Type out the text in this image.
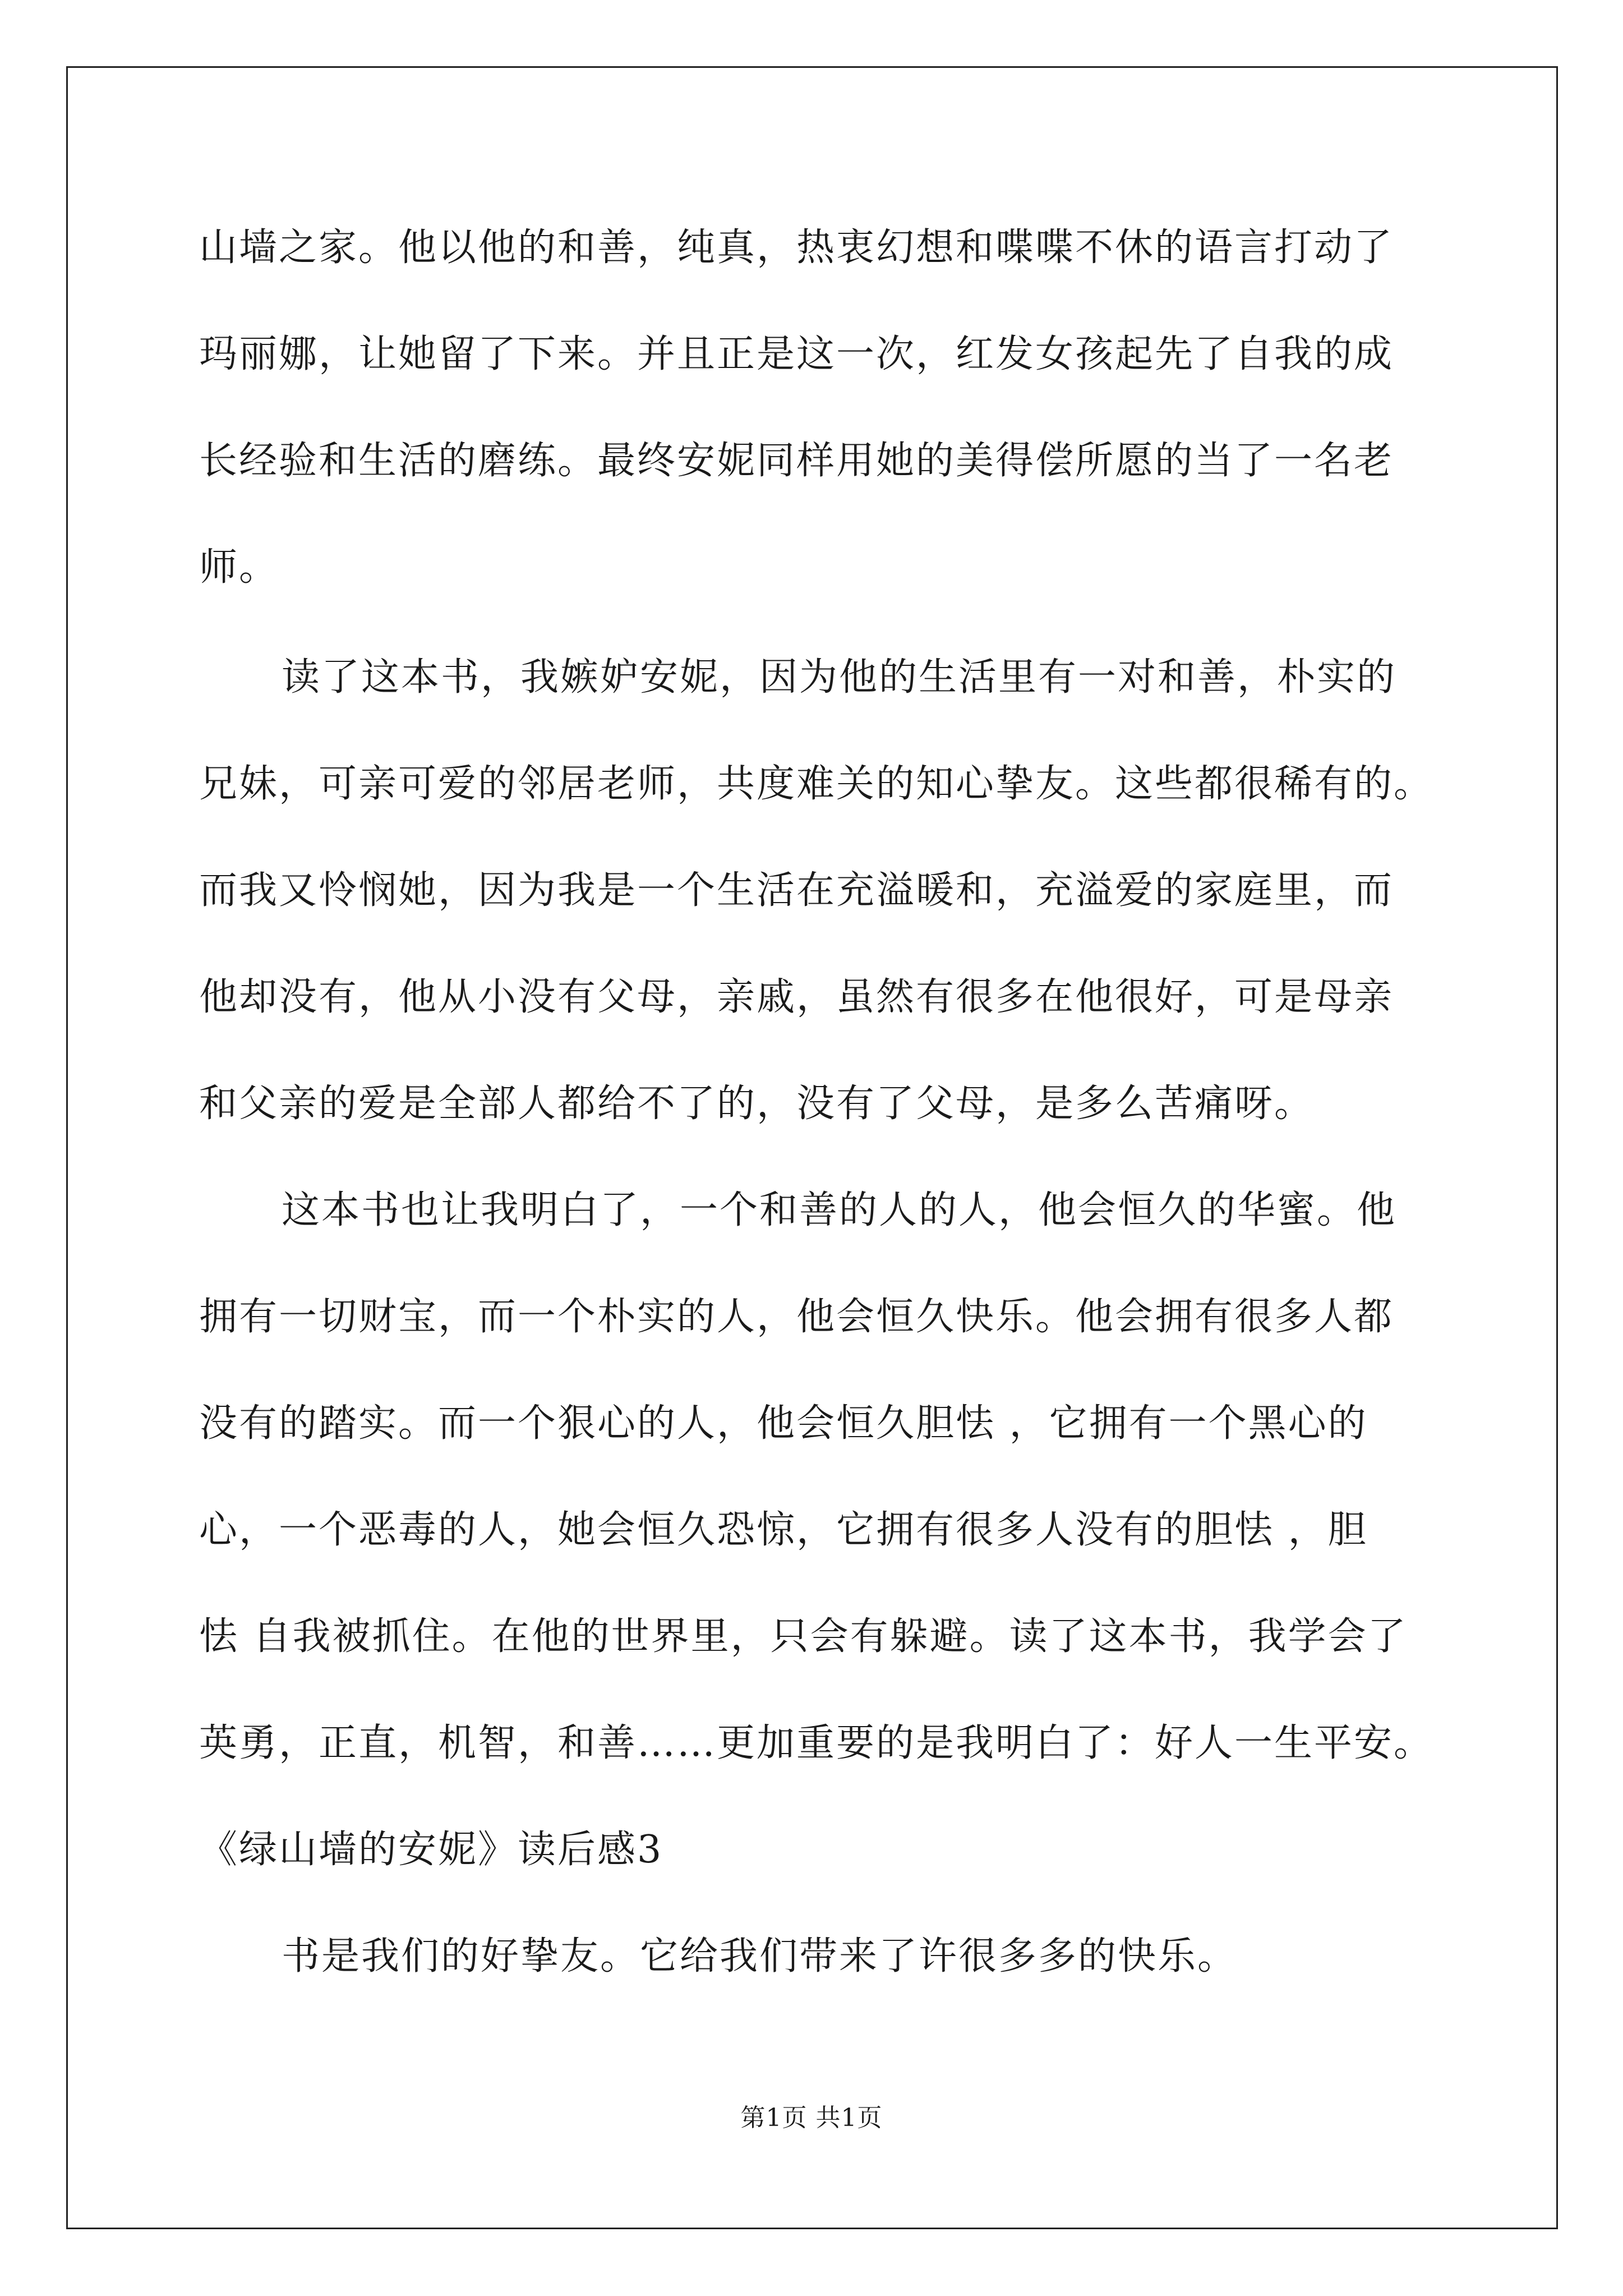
山墙之家。他以他的和善，纯真，热衷幻想和喋喋不休的语言打动了
玛丽娜，让她留了下来。并且正是这一次，红发女孩起先了自我的成
长经验和生活的磨练。最终安妮同样用她的美得偿所愿的当了一名老
师。
读了这本书，我嫉妒安妮，因为他的生活里有一对和善，朴实的
兄妹，可亲可爱的邻居老师，共度难关的知心挚友。这些都很稀有的。
而我又怜悯她，因为我是一个生活在充溢暖和，充溢爱的家庭里，而
他却没有，他从小没有父母，亲戚，虽然有很多在他很好，可是母亲
和父亲的爱是全部人都给不了的，没有了父母，是多么苦痛呀。
这本书也让我明白了，一个和善的人的人，他会恒久的华蜜。他
拥有一切财宝，而一个朴实的人，他会恒久快乐。他会拥有很多人都
没有的踏实。而一个狠心的人，他会恒久胆怯 ，它拥有一个黑心的
心，一个恶毒的人，她会恒久恐惊，它拥有很多人没有的胆怯 ，胆
怯 自我被抓住。在他的世界里，只会有躲避。读了这本书，我学会了
英勇，正直，机智，和善……更加重要的是我明白了：好人一生平安。
《绿山墙的安妮》读后感3
书是我们的好挚友。它给我们带来了许很多多的快乐。
第1页 共1页
